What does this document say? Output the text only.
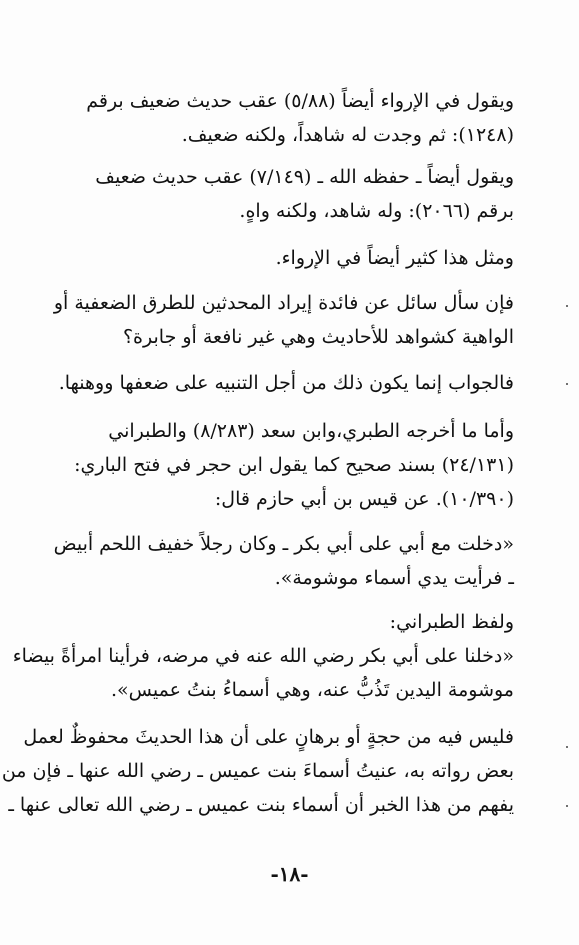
ويقول في الإرواء أيضاً (٥/٨٨) عقب حديث ضعيف برقم
(١٢٤٨): ثم وجدت له شاهداً، ولكنه ضعيف.
ويقول أيضاً ـ حفظه الله ـ (٧/١٤٩) عقب حديث ضعيف
برقم (٢٠٦٦): وله شاهد، ولكنه واهٍ.
ومثل هذا كثير أيضاً في الإرواء.
فإن سأل سائل عن فائدة إيراد المحدثين للطرق الضعفية أو
الواهية كشواهد للأحاديث وهي غير نافعة أو جابرة؟
فالجواب إنما يكون ذلك من أجل التنبيه على ضعفها ووهنها.
وأما ما أخرجه الطبري،وابن سعد (٨/٢٨٣) والطبراني
(٢٤/١٣١) بسند صحيح كما يقول ابن حجر في فتح الباري:
(١٠/٣٩٠). عن قيس بن أبي حازم قال:
«دخلت مع أبي على أبي بكر ـ وكان رجلاً خفيف اللحم أبيض
ـ فرأيت يدي أسماء موشومة».
ولفظ الطبراني:
«دخلنا على أبي بكر رضي الله عنه في مرضه، فرأينا امرأةً بيضاء
موشومة اليدين تَذُبُّ عنه، وهي أسماءُ بنتُ عميس».
فليس فيه من حجةٍ أو برهانٍ على أن هذا الحديثَ محفوظٌ لعمل
بعض رواته به، عنيتُ أسماءَ بنت عميس ـ رضي الله عنها ـ فإن من
يفهم من هذا الخبر أن أسماء بنت عميس ـ رضي الله تعالى عنها ـ
-١٨-
